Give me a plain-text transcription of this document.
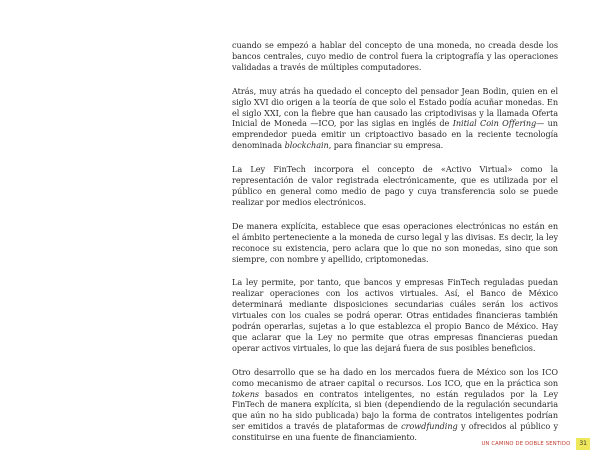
cuando se empezó a hablar del concepto de una moneda, no creada desde los bancos centrales, cuyo medio de control fuera la criptografía y las operaciones validadas a través de múltiples computadores.

Atrás, muy atrás ha quedado el concepto del pensador Jean Bodin, quien en el siglo XVI dio origen a la teoría de que solo el Estado podía acuñar monedas. En el siglo XXI, con la fiebre que han causado las criptodivisas y la llamada Oferta Inicial de Moneda —ICO, por las siglas en inglés de Initial Coin Offering— un emprendedor pueda emitir un criptoactivo basado en la reciente tecnología denominada blockchain, para financiar su empresa.

La Ley FinTech incorpora el concepto de «Activo Virtual» como la representación de valor registrada electrónicamente, que es utilizada por el público en general como medio de pago y cuya transferencia solo se puede realizar por medios electrónicos.

De manera explícita, establece que esas operaciones electrónicas no están en el ámbito perteneciente a la moneda de curso legal y las divisas. Es decir, la ley reconoce su existencia, pero aclara que lo que no son monedas, sino que son siempre, con nombre y apellido, criptomonedas.

La ley permite, por tanto, que bancos y empresas FinTech reguladas puedan realizar operaciones con los activos virtuales. Así, el Banco de México determinará mediante disposiciones secundarias cuáles serán los activos virtuales con los cuales se podrá operar. Otras entidades financieras también podrán operarlas, sujetas a lo que establezca el propio Banco de México. Hay que aclarar que la Ley no permite que otras empresas financieras puedan operar activos virtuales, lo que las dejará fuera de sus posibles beneficios.

Otro desarrollo que se ha dado en los mercados fuera de México son los ICO como mecanismo de atraer capital o recursos. Los ICO, que en la práctica son tokens basados en contratos inteligentes, no están regulados por la Ley FinTech de manera explícita, si bien (dependiendo de la regulación secundaria que aún no ha sido publicada) bajo la forma de contratos inteligentes podrían ser emitidos a través de plataformas de crowdfunding y ofrecidos al público y constituirse en una fuente de financiamiento.

UN CAMINO DE DOBLE SENTIDO	31
